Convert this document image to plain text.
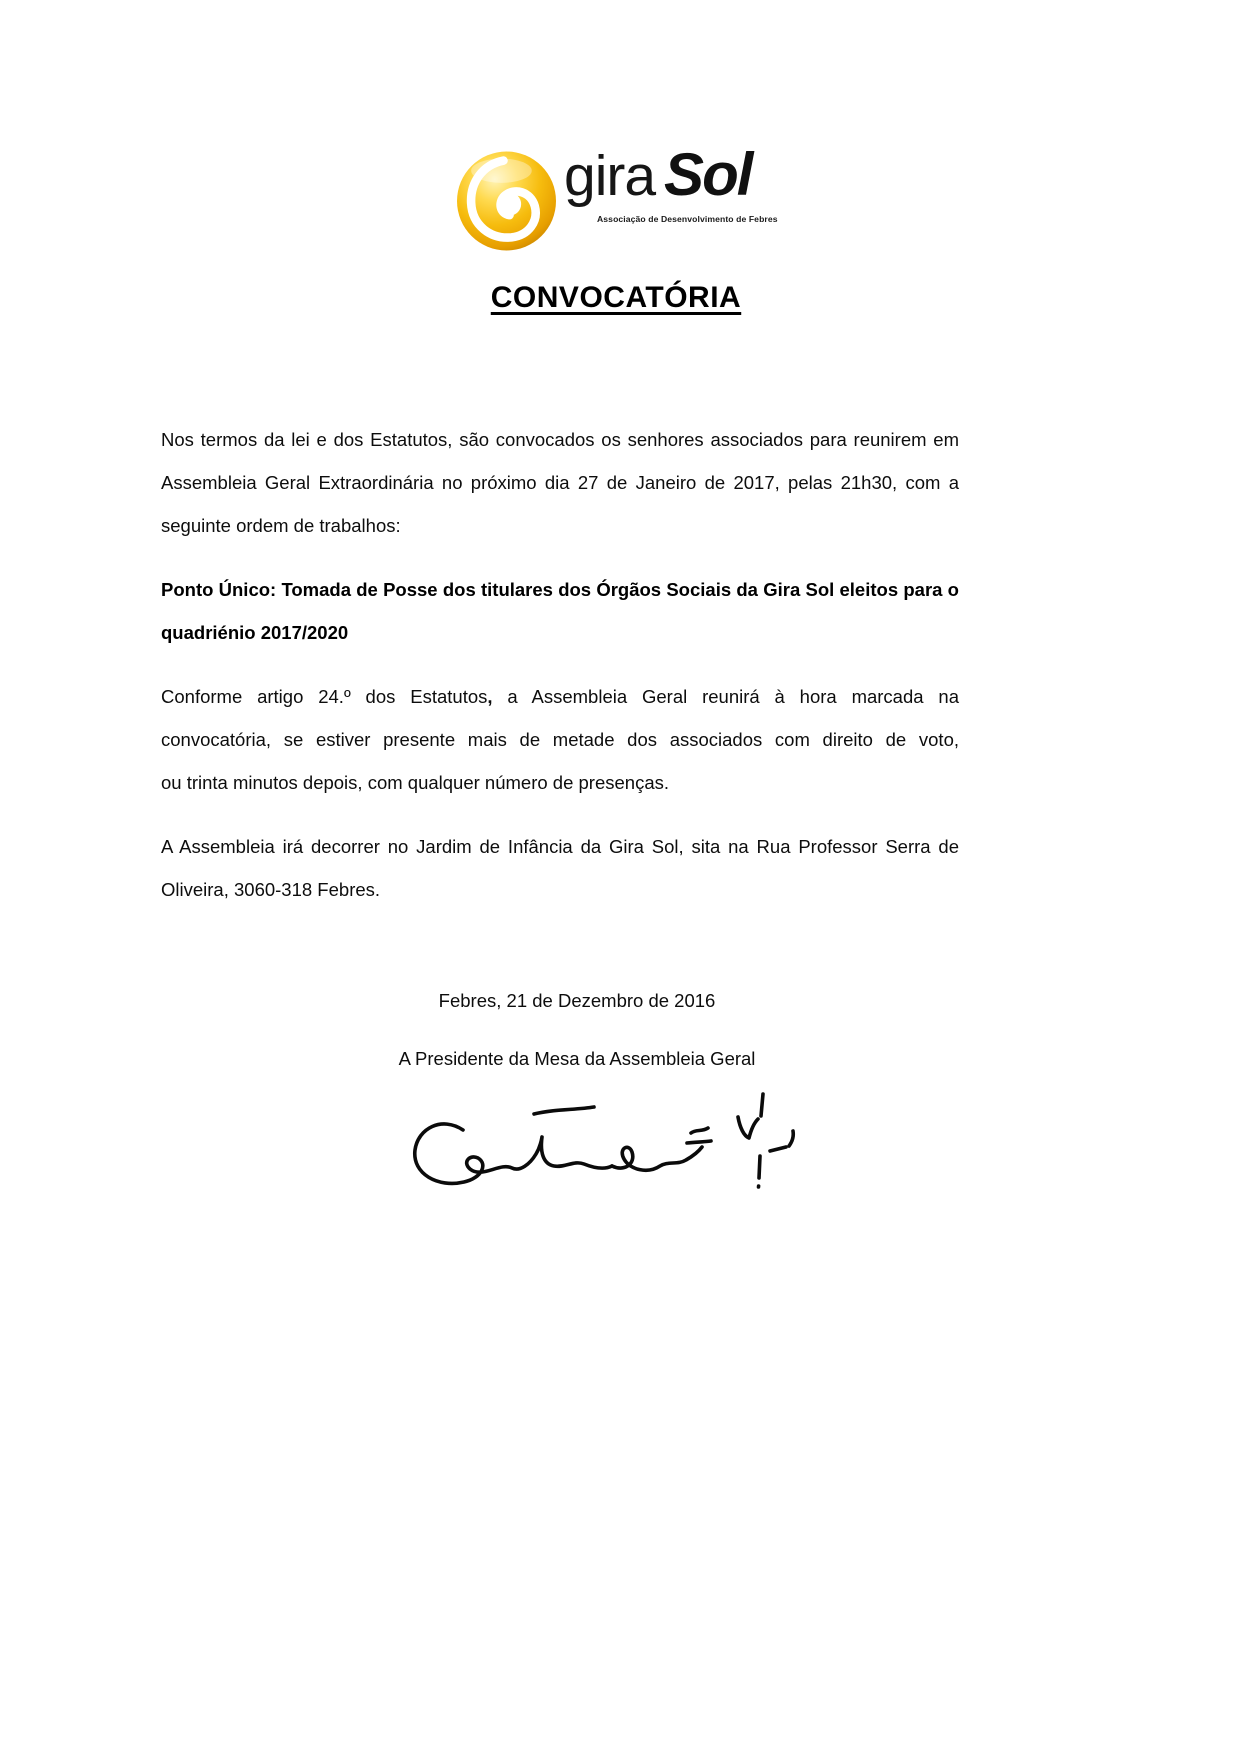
gira Sol
Associação de Desenvolvimento de Febres
CONVOCATÓRIA
Nos termos da lei e dos Estatutos, são convocados os senhores associados para reunirem em
Assembleia Geral Extraordinária no próximo dia 27 de Janeiro de 2017, pelas 21h30, com a
seguinte ordem de trabalhos:
Ponto Único: Tomada de Posse dos titulares dos Órgãos Sociais da Gira Sol eleitos para o
quadriénio 2017/2020
Conforme artigo 24.º dos Estatutos, a Assembleia Geral reunirá à hora marcada na
convocatória, se estiver presente mais de metade dos associados com direito de voto,
ou trinta minutos depois, com qualquer número de presenças.
A Assembleia irá decorrer no Jardim de Infância da Gira Sol, sita na Rua Professor Serra de
Oliveira, 3060-318 Febres.
Febres, 21 de Dezembro de 2016
A Presidente da Mesa da Assembleia Geral
